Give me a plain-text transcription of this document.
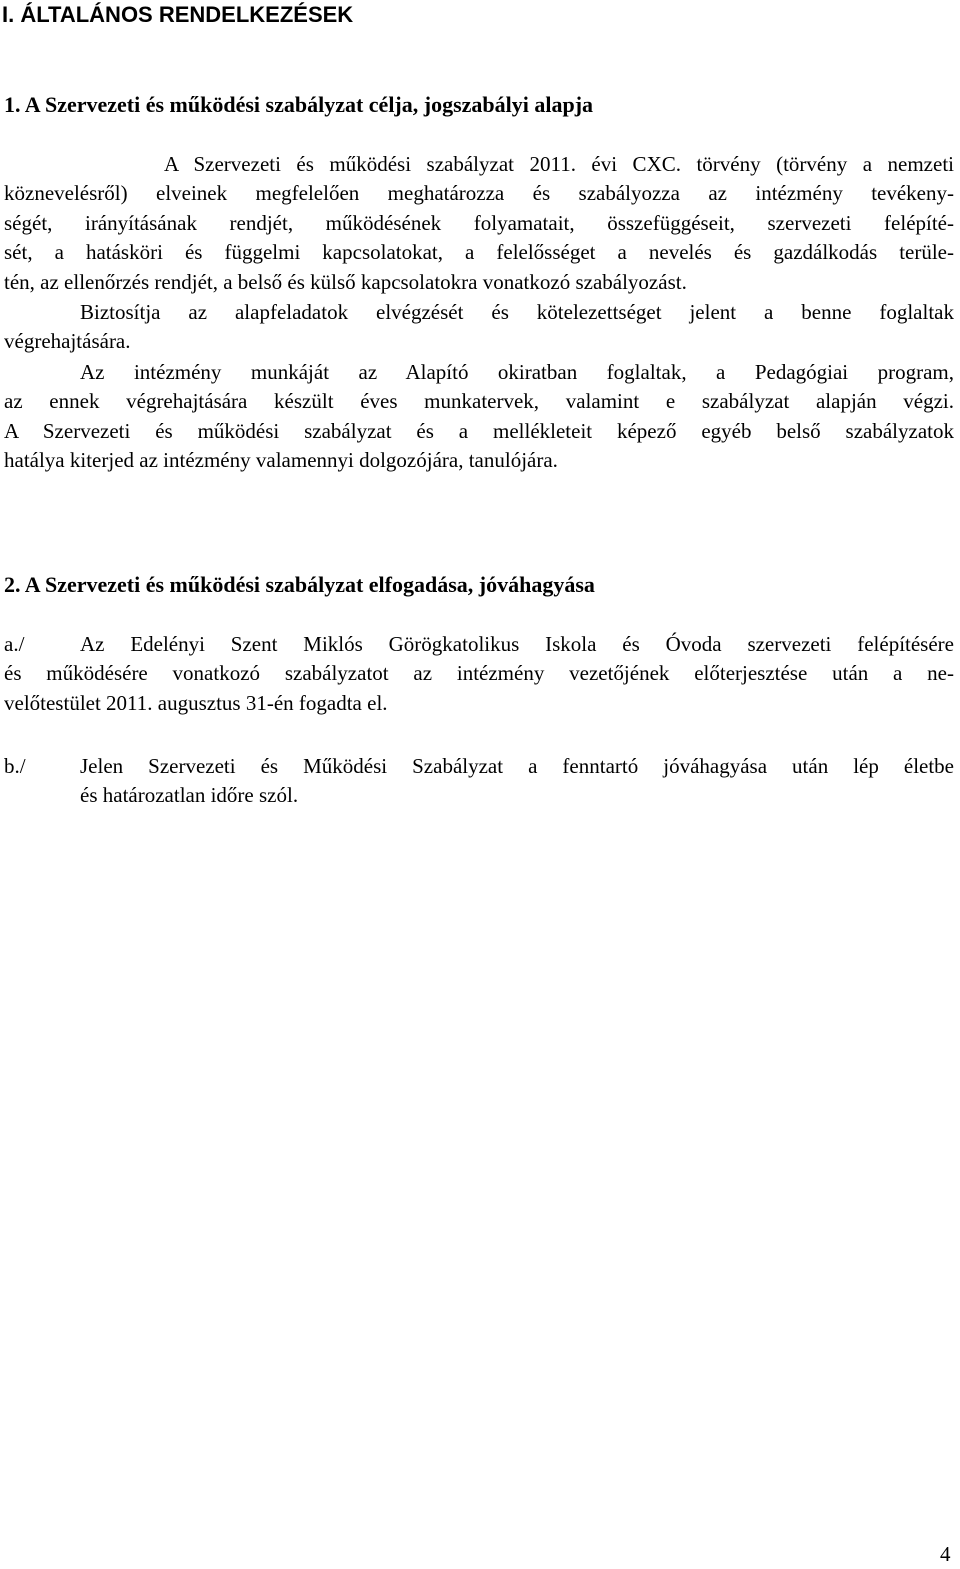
I. ÁLTALÁNOS RENDELKEZÉSEK
1. A Szervezeti és működési szabályzat célja, jogszabályi alapja
A Szervezeti és működési szabályzat 2011. évi CXC. törvény (törvény a nemzeti
köznevelésről) elveinek megfelelően meghatározza és szabályozza az intézmény tevékeny-
ségét, irányításának rendjét, működésének folyamatait, összefüggéseit, szervezeti felépíté-
sét, a hatásköri és függelmi kapcsolatokat, a felelősséget a nevelés és gazdálkodás terüle-
tén, az ellenőrzés rendjét, a belső és külső kapcsolatokra vonatkozó szabályozást.
Biztosítja az alapfeladatok elvégzését és kötelezettséget jelent a benne foglaltak
végrehajtására.
Az intézmény munkáját az Alapító okiratban foglaltak, a Pedagógiai program,
az ennek végrehajtására készült éves munkatervek, valamint e szabályzat alapján végzi.
A Szervezeti és működési szabályzat és a mellékleteit képező egyéb belső szabályzatok
hatálya kiterjed az intézmény valamennyi dolgozójára, tanulójára.
2. A Szervezeti és működési szabályzat elfogadása, jóváhagyása
a./	Az Edelényi Szent Miklós Görögkatolikus Iskola és Óvoda szervezeti felépítésére
és működésére vonatkozó szabályzatot az intézmény vezetőjének előterjesztése után a ne-
velőtestület 2011. augusztus 31-én fogadta el.
b./	Jelen Szervezeti és Működési Szabályzat a fenntartó jóváhagyása után lép életbe
és határozatlan időre szól.
4
